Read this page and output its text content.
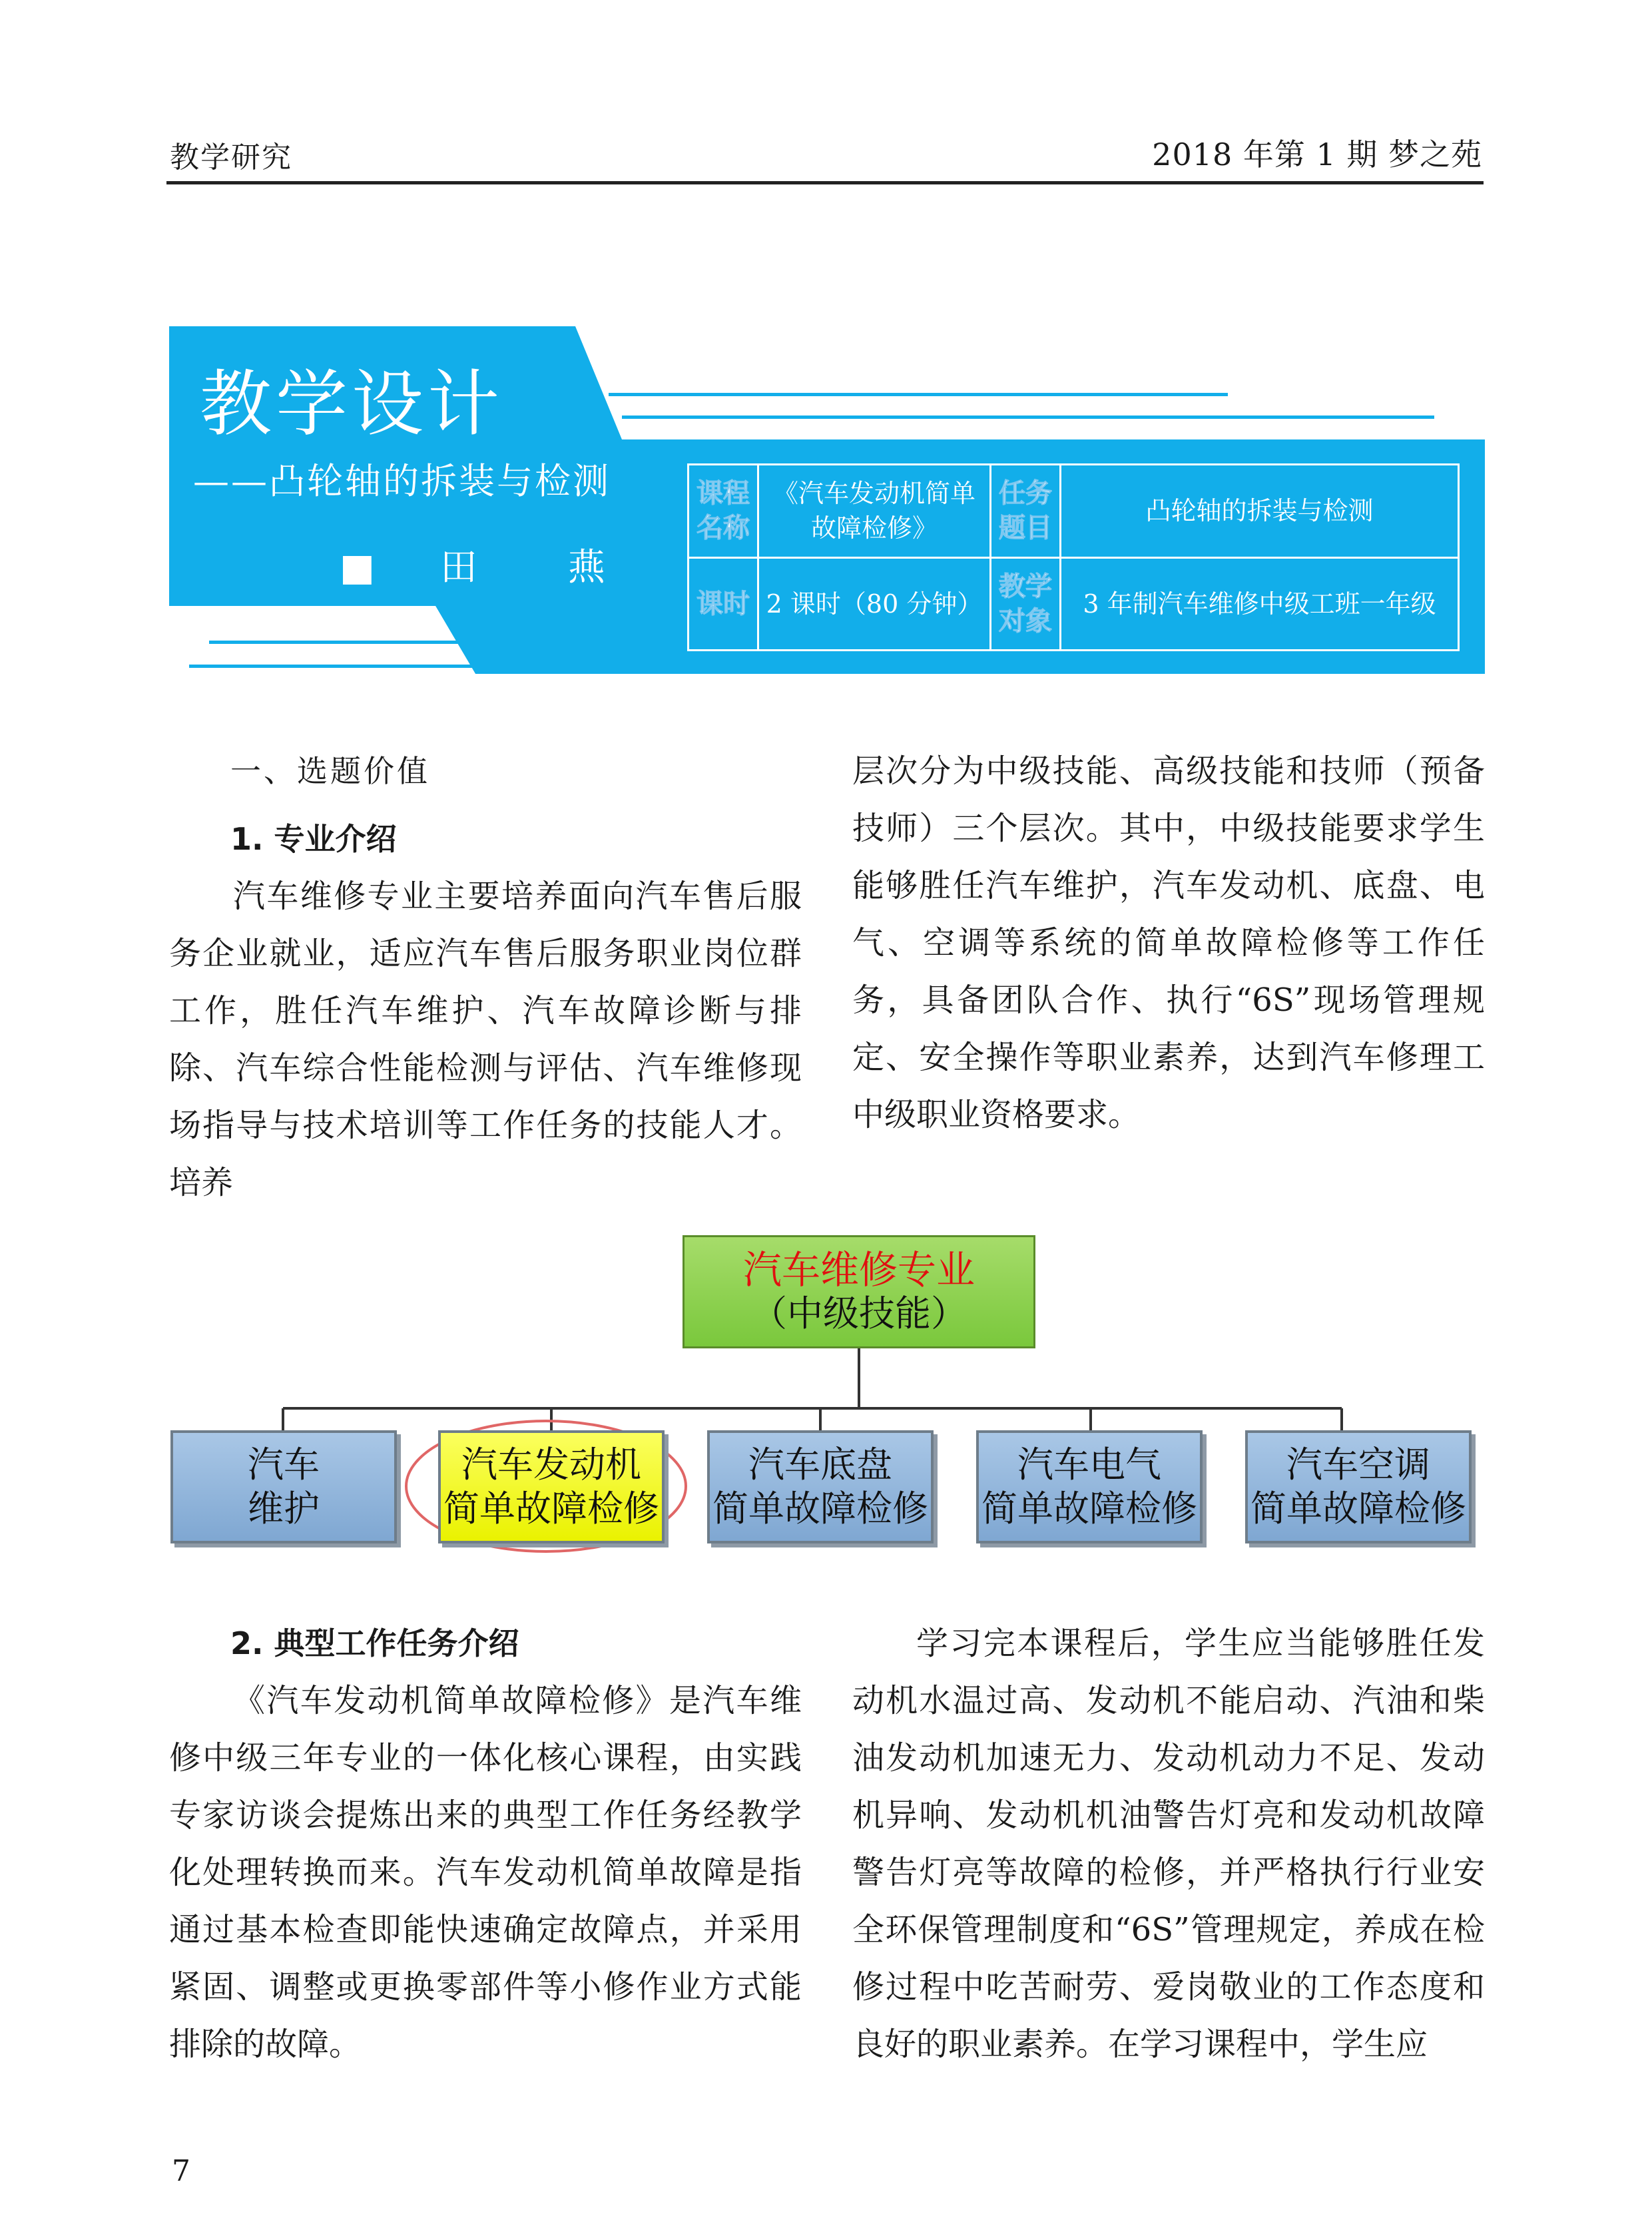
教学研究	2018 年第 1 期 梦之苑
教学设计
——凸轮轴的拆装与检测
■ 田　燕
课程名称	《汽车发动机简单故障检修》	任务题目	凸轮轴的拆装与检测
课时	2 课时（80 分钟）	教学对象	3 年制汽车维修中级工班一年级

一、选题价值

1. 专业介绍

汽车维修专业主要培养面向汽车售后服务企业就业，适应汽车售后服务职业岗位群工作，胜任汽车维护、汽车故障诊断与排除、汽车综合性能检测与评估、汽车维修现场指导与技术培训等工作任务的技能人才。培养

层次分为中级技能、高级技能和技师（预备技师）三个层次。其中，中级技能要求学生能够胜任汽车维护，汽车发动机、底盘、电气、空调等系统的简单故障检修等工作任务，具备团队合作、执行“6S”现场管理规定、安全操作等职业素养，达到汽车修理工中级职业资格要求。

汽车维修专业
（中级技能）
汽车
维护
汽车发动机
简单故障检修
汽车底盘
简单故障检修
汽车电气
简单故障检修
汽车空调
简单故障检修

2. 典型工作任务介绍

《汽车发动机简单故障检修》是汽车维修中级三年专业的一体化核心课程，由实践专家访谈会提炼出来的典型工作任务经教学化处理转换而来。汽车发动机简单故障是指通过基本检查即能快速确定故障点，并采用紧固、调整或更换零部件等小修作业方式能排除的故障。

学习完本课程后，学生应当能够胜任发动机水温过高、发动机不能启动、汽油和柴油发动机加速无力、发动机动力不足、发动机异响、发动机机油警告灯亮和发动机故障警告灯亮等故障的检修，并严格执行行业安全环保管理制度和“6S”管理规定，养成在检修过程中吃苦耐劳、爱岗敬业的工作态度和良好的职业素养。在学习课程中，学生应

7
